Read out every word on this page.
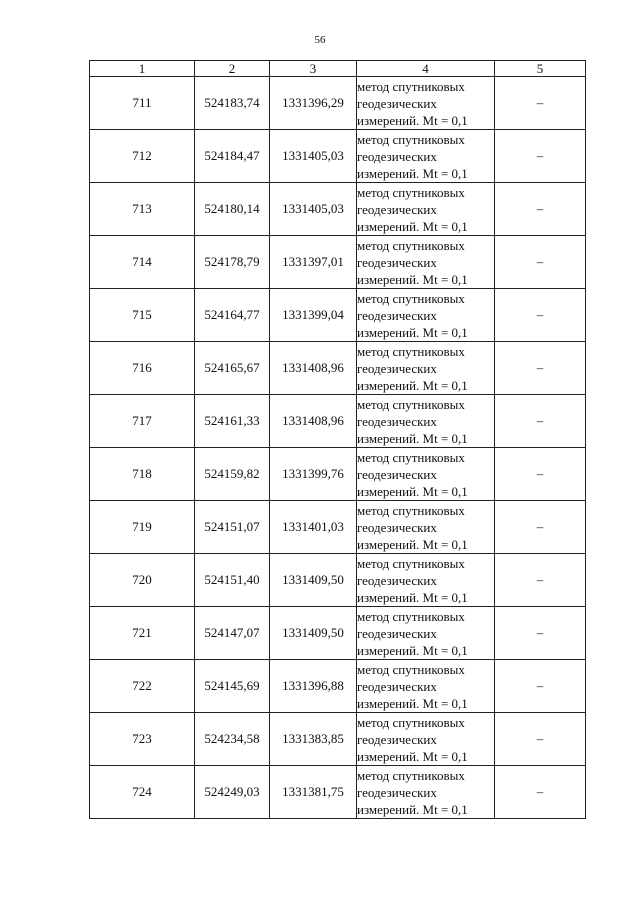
56
1	2	3	4	5
711	524183,74	1331396,29	метод спутниковых
геодезических
измерений. Mt = 0,1	–
712	524184,47	1331405,03	метод спутниковых
геодезических
измерений. Mt = 0,1	–
713	524180,14	1331405,03	метод спутниковых
геодезических
измерений. Mt = 0,1	–
714	524178,79	1331397,01	метод спутниковых
геодезических
измерений. Mt = 0,1	–
715	524164,77	1331399,04	метод спутниковых
геодезических
измерений. Mt = 0,1	–
716	524165,67	1331408,96	метод спутниковых
геодезических
измерений. Mt = 0,1	–
717	524161,33	1331408,96	метод спутниковых
геодезических
измерений. Mt = 0,1	–
718	524159,82	1331399,76	метод спутниковых
геодезических
измерений. Mt = 0,1	–
719	524151,07	1331401,03	метод спутниковых
геодезических
измерений. Mt = 0,1	–
720	524151,40	1331409,50	метод спутниковых
геодезических
измерений. Mt = 0,1	–
721	524147,07	1331409,50	метод спутниковых
геодезических
измерений. Mt = 0,1	–
722	524145,69	1331396,88	метод спутниковых
геодезических
измерений. Mt = 0,1	–
723	524234,58	1331383,85	метод спутниковых
геодезических
измерений. Mt = 0,1	–
724	524249,03	1331381,75	метод спутниковых
геодезических
измерений. Mt = 0,1	–
